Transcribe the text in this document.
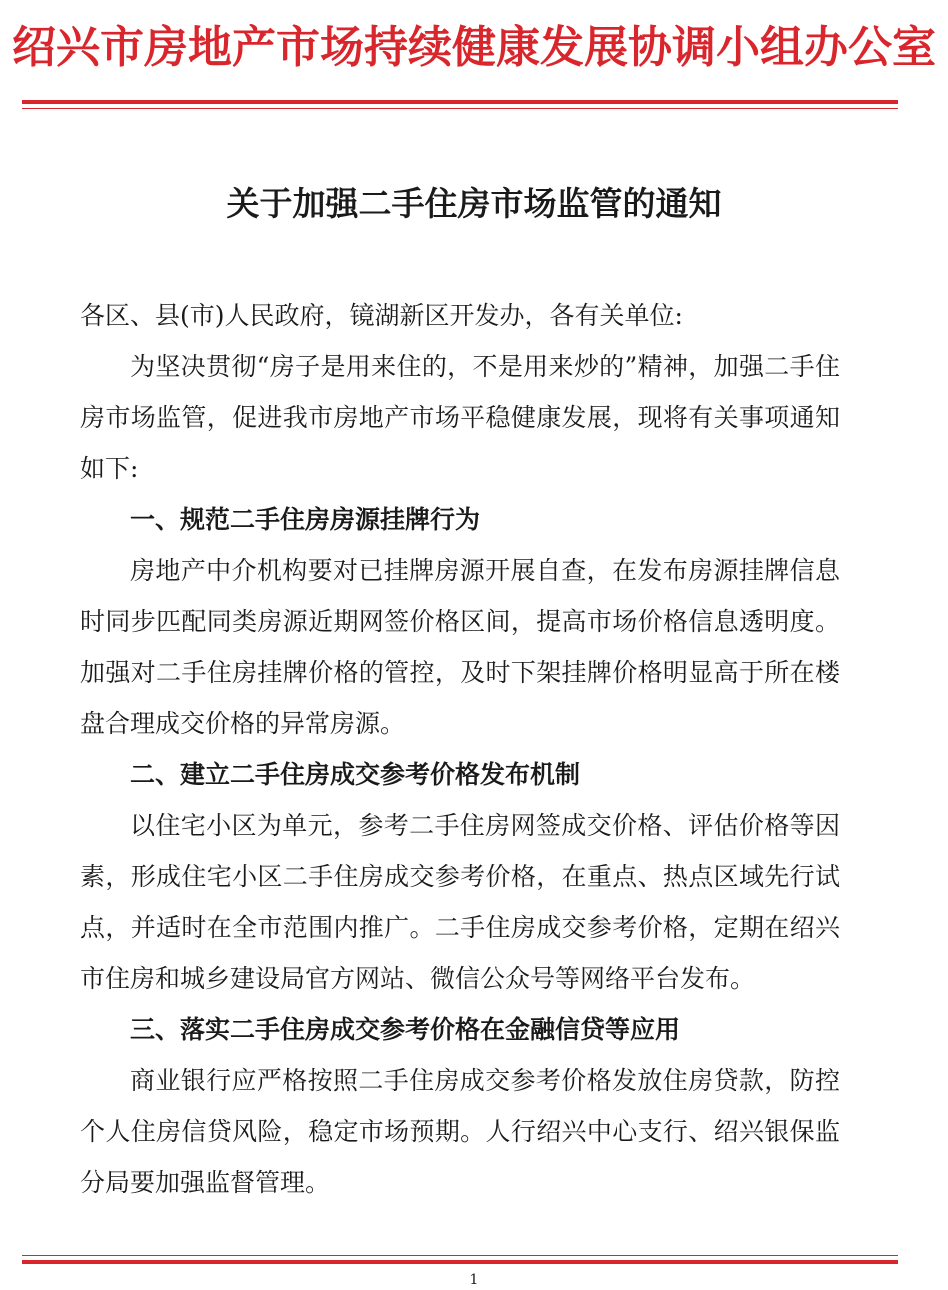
绍兴市房地产市场持续健康发展协调小组办公室
关于加强二手住房市场监管的通知

各区、县(市)人民政府，镜湖新区开发办，各有关单位:

为坚决贯彻“房子是用来住的，不是用来炒的”精神，加强二手住房市场监管，促进我市房地产市场平稳健康发展，现将有关事项通知如下:

一、规范二手住房房源挂牌行为

房地产中介机构要对已挂牌房源开展自查，在发布房源挂牌信息时同步匹配同类房源近期网签价格区间，提高市场价格信息透明度。加强对二手住房挂牌价格的管控，及时下架挂牌价格明显高于所在楼盘合理成交价格的异常房源。

二、建立二手住房成交参考价格发布机制

以住宅小区为单元，参考二手住房网签成交价格、评估价格等因素，形成住宅小区二手住房成交参考价格，在重点、热点区域先行试点，并适时在全市范围内推广。二手住房成交参考价格，定期在绍兴市住房和城乡建设局官方网站、微信公众号等网络平台发布。

三、落实二手住房成交参考价格在金融信贷等应用

商业银行应严格按照二手住房成交参考价格发放住房贷款，防控个人住房信贷风险，稳定市场预期。人行绍兴中心支行、绍兴银保监分局要加强监督管理。

1
